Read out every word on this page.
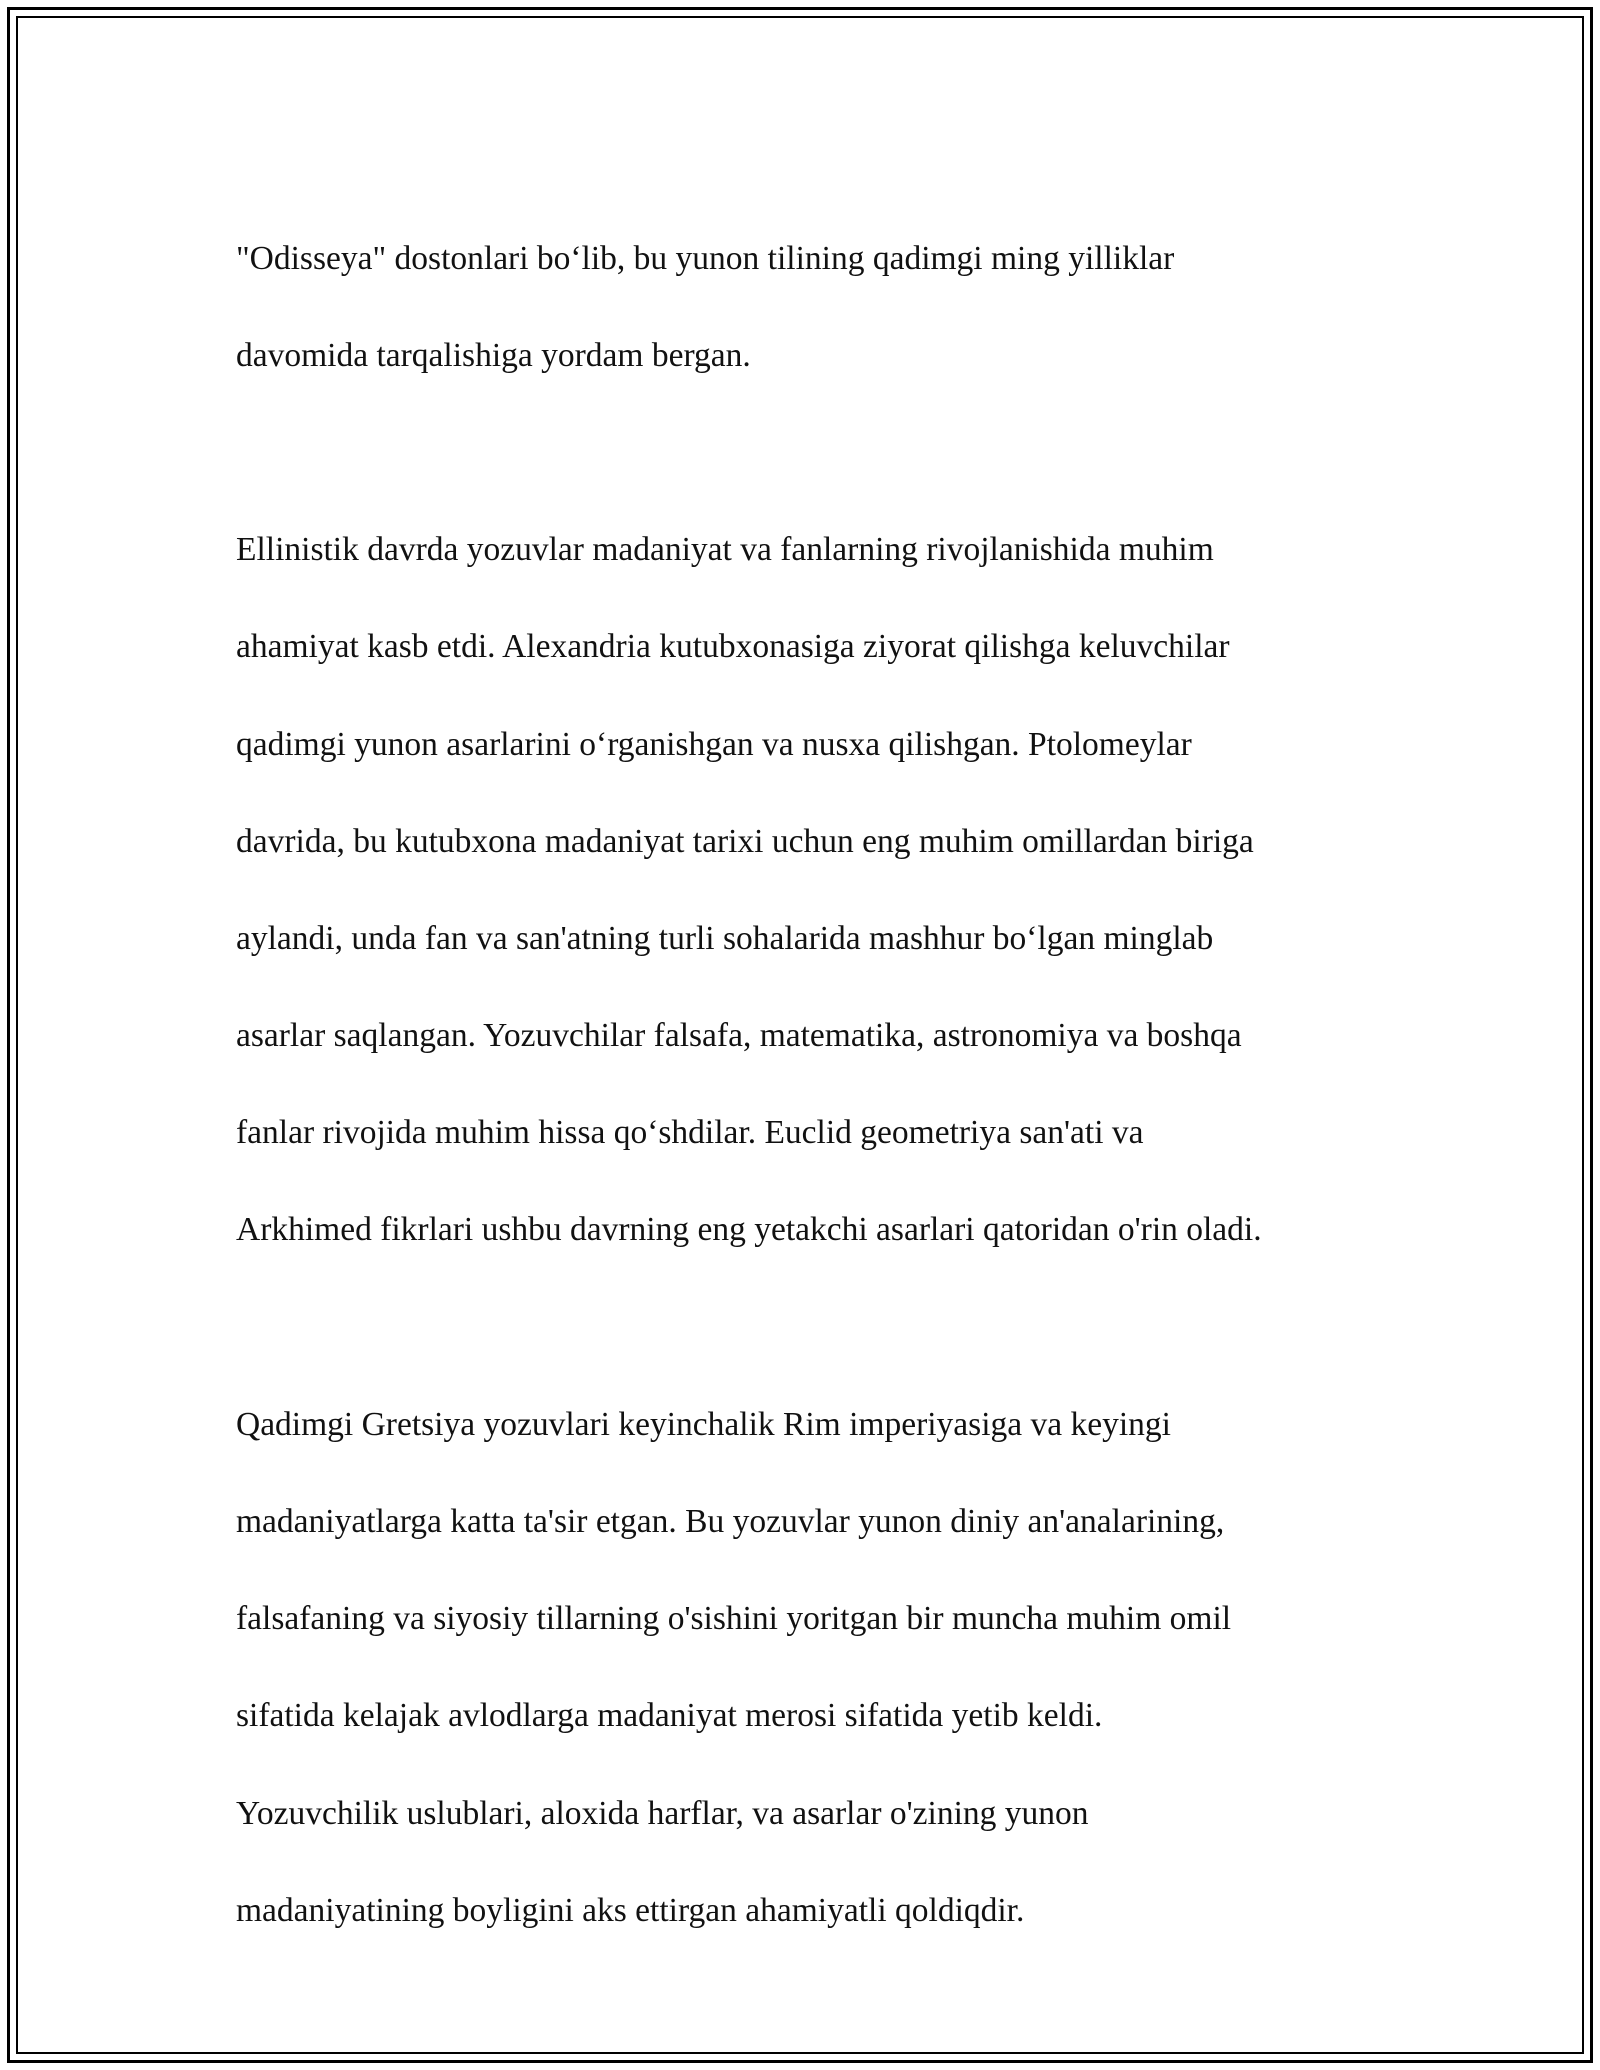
"Odisseya" dostonlari bo‘lib, bu yunon tilining qadimgi ming yilliklar

davomida tarqalishiga yordam bergan.

Ellinistik davrda yozuvlar madaniyat va fanlarning rivojlanishida muhim

ahamiyat kasb etdi. Alexandria kutubxonasiga ziyorat qilishga keluvchilar

qadimgi yunon asarlarini o‘rganishgan va nusxa qilishgan. Ptolomeylar

davrida, bu kutubxona madaniyat tarixi uchun eng muhim omillardan biriga

aylandi, unda fan va san'atning turli sohalarida mashhur bo‘lgan minglab

asarlar saqlangan. Yozuvchilar falsafa, matematika, astronomiya va boshqa

fanlar rivojida muhim hissa qo‘shdilar. Euclid geometriya san'ati va

Arkhimed fikrlari ushbu davrning eng yetakchi asarlari qatoridan o'rin oladi.

Qadimgi Gretsiya yozuvlari keyinchalik Rim imperiyasiga va keyingi

madaniyatlarga katta ta'sir etgan. Bu yozuvlar yunon diniy an'analarining,

falsafaning va siyosiy tillarning o'sishini yoritgan bir muncha muhim omil

sifatida kelajak avlodlarga madaniyat merosi sifatida yetib keldi.

Yozuvchilik uslublari, aloxida harflar, va asarlar o'zining yunon

madaniyatining boyligini aks ettirgan ahamiyatli qoldiqdir.
